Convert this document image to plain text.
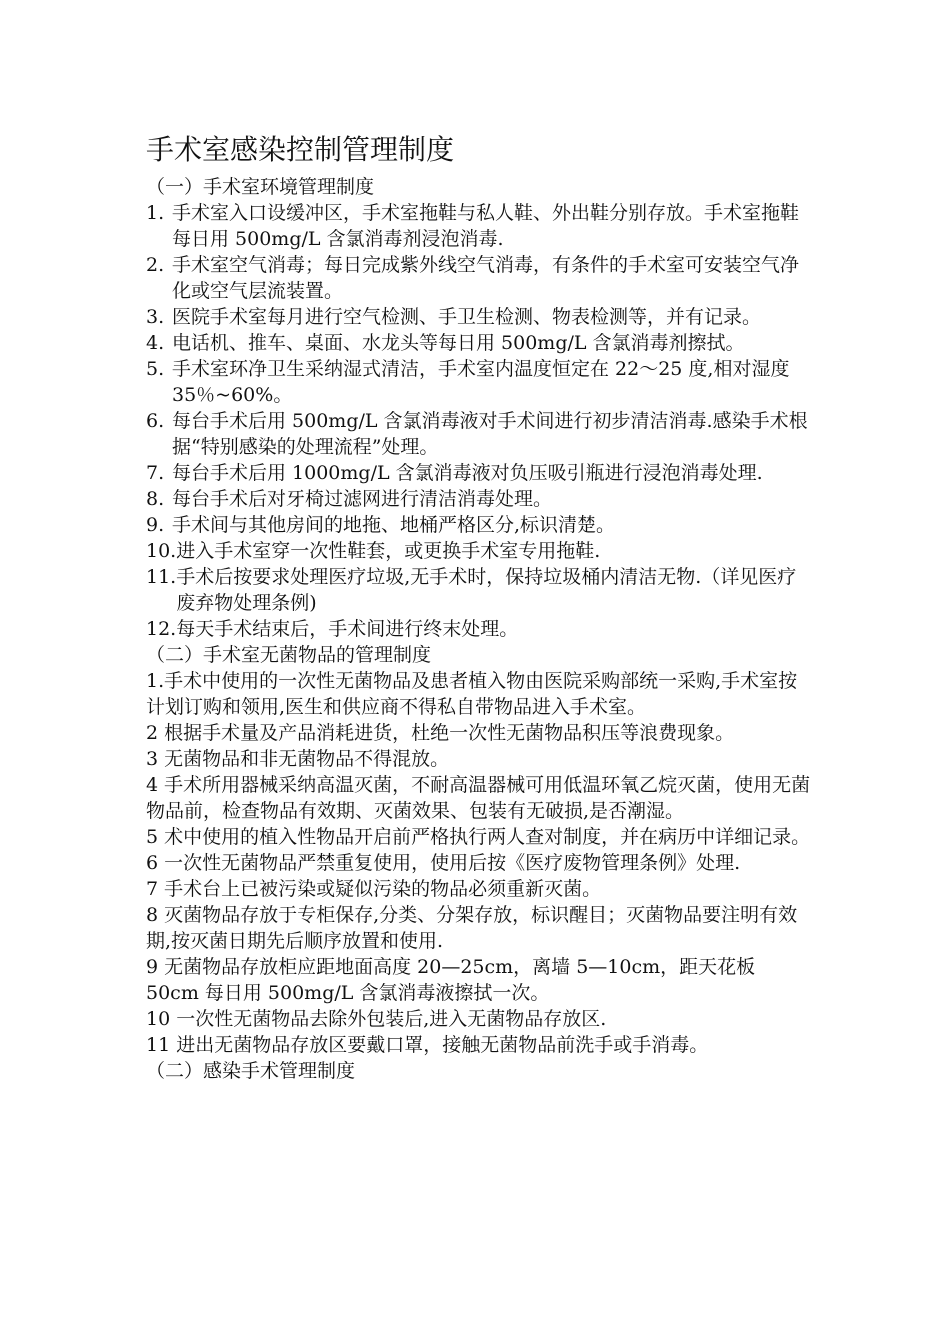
手术室感染控制管理制度

（一）手术室环境管理制度

1. 手术室入口设缓冲区，手术室拖鞋与私人鞋、外出鞋分别存放。手术室拖鞋每日用 500mg/L 含氯消毒剂浸泡消毒.
2. 手术室空气消毒；每日完成紫外线空气消毒，有条件的手术室可安装空气净化或空气层流装置。
3. 医院手术室每月进行空气检测、手卫生检测、物表检测等，并有记录。
4. 电话机、推车、桌面、水龙头等每日用 500mg/L 含氯消毒剂擦拭。
5. 手术室环净卫生采纳湿式清洁，手术室内温度恒定在 22～25 度,相对湿度 35％~60%。
6. 每台手术后用 500mg/L 含氯消毒液对手术间进行初步清洁消毒.感染手术根据“特别感染的处理流程”处理。
7. 每台手术后用 1000mg/L 含氯消毒液对负压吸引瓶进行浸泡消毒处理.
8. 每台手术后对牙椅过滤网进行清洁消毒处理。
9. 手术间与其他房间的地拖、地桶严格区分,标识清楚。
10. 进入手术室穿一次性鞋套，或更换手术室专用拖鞋.
11. 手术后按要求处理医疗垃圾,无手术时，保持垃圾桶内清洁无物.（详见医疗废弃物处理条例)
12. 每天手术结束后，手术间进行终末处理。

（二）手术室无菌物品的管理制度

1.手术中使用的一次性无菌物品及患者植入物由医院采购部统一采购,手术室按计划订购和领用,医生和供应商不得私自带物品进入手术室。

2 根据手术量及产品消耗进货，杜绝一次性无菌物品积压等浪费现象。

3 无菌物品和非无菌物品不得混放。

4 手术所用器械采纳高温灭菌，不耐高温器械可用低温环氧乙烷灭菌，使用无菌物品前，检查物品有效期、灭菌效果、包装有无破损,是否潮湿。

5 术中使用的植入性物品开启前严格执行两人查对制度，并在病历中详细记录。

6 一次性无菌物品严禁重复使用，使用后按《医疗废物管理条例》处理.

7 手术台上已被污染或疑似污染的物品必须重新灭菌。

8 灭菌物品存放于专柜保存,分类、分架存放，标识醒目；灭菌物品要注明有效期,按灭菌日期先后顺序放置和使用.

9 无菌物品存放柜应距地面高度 20—25cm，离墙 5—10cm，距天花板 50cm 每日用 500mg/L 含氯消毒液擦拭一次。

10 一次性无菌物品去除外包装后,进入无菌物品存放区.

11 进出无菌物品存放区要戴口罩，接触无菌物品前洗手或手消毒。

（二）感染手术管理制度
